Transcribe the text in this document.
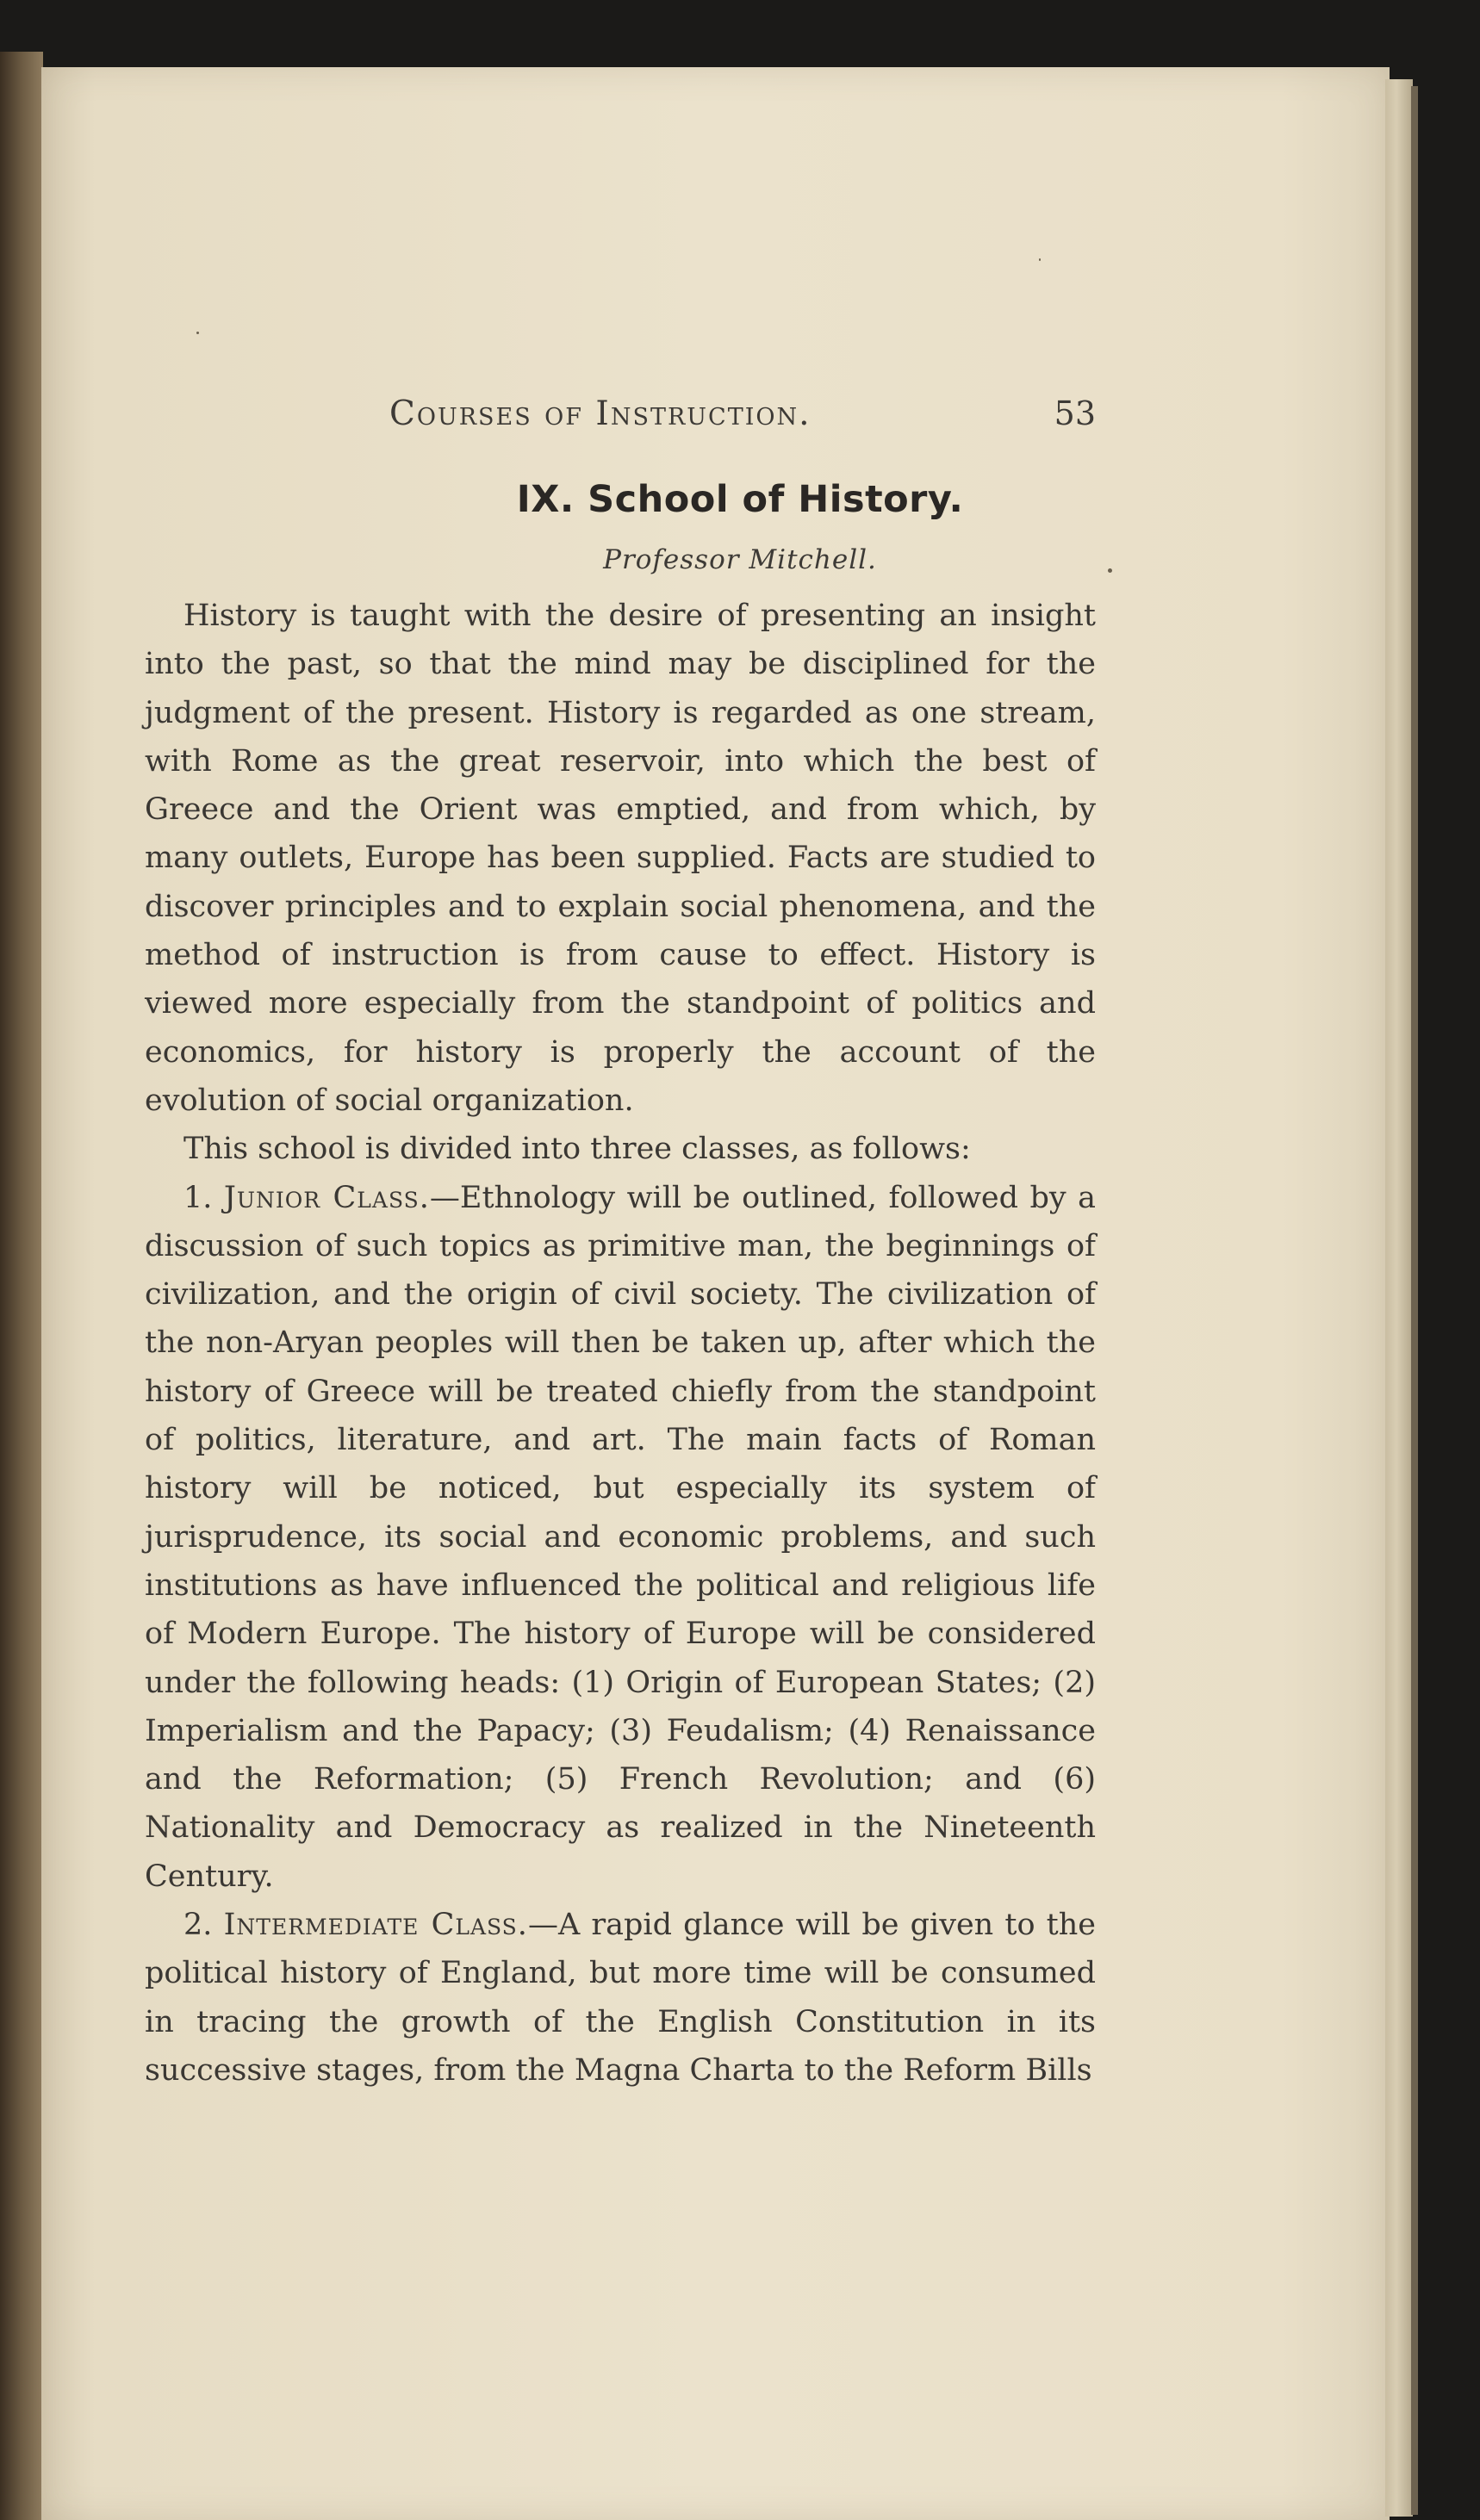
Courses of Instruction.	53
IX. School of History.
Professor Mitchell.

History is taught with the desire of presenting an insight into the past, so that the mind may be disciplined for the judgment of the present. History is regarded as one stream, with Rome as the great reservoir, into which the best of Greece and the Orient was emptied, and from which, by many outlets, Europe has been supplied. Facts are studied to discover principles and to explain social phenomena, and the method of instruction is from cause to effect. History is viewed more especially from the standpoint of politics and economics, for history is properly the account of the evolution of social organization.

This school is divided into three classes, as follows:

1. Junior Class.—Ethnology will be outlined, followed by a discussion of such topics as primitive man, the beginnings of civilization, and the origin of civil society. The civilization of the non-Aryan peoples will then be taken up, after which the history of Greece will be treated chiefly from the standpoint of politics, literature, and art. The main facts of Roman history will be noticed, but especially its system of jurisprudence, its social and economic problems, and such institutions as have influenced the political and religious life of Modern Europe. The history of Europe will be considered under the following heads: (1) Origin of European States; (2) Imperialism and the Papacy; (3) Feudalism; (4) Renaissance and the Reformation; (5) French Revolution; and (6) Nationality and Democracy as realized in the Nineteenth Century.

2. Intermediate Class.—A rapid glance will be given to the political history of England, but more time will be consumed in tracing the growth of the English Constitution in its successive stages, from the Magna Charta to the Reform Bills
